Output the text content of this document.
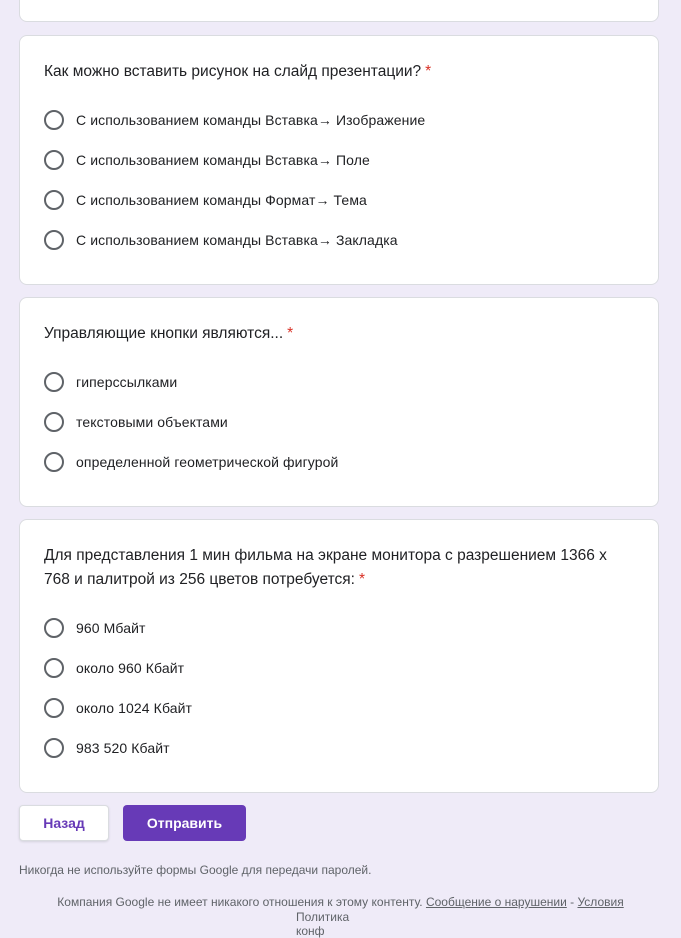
Как можно вставить рисунок на слайд презентации? *
С использованием команды Вставка→ Изображение
С использованием команды Вставка→ Поле
С использованием команды Формат→ Тема
С использованием команды Вставка→ Закладка
Управляющие кнопки являются... *
гиперссылками
текстовыми объектами
определенной геометрической фигурой
Для представления 1 мин фильма на экране монитора с разрешением 1366 х 768 и палитрой из 256 цветов потребуется: *
960 Мбайт
около 960 Кбайт
около 1024 Кбайт
983 520 Кбайт
Назад	Отправить
Никогда не используйте формы Google для передачи паролей.
Компания Google не имеет никакого отношения к этому контенту. Сообщение о нарушении - Условия
Политика конф
